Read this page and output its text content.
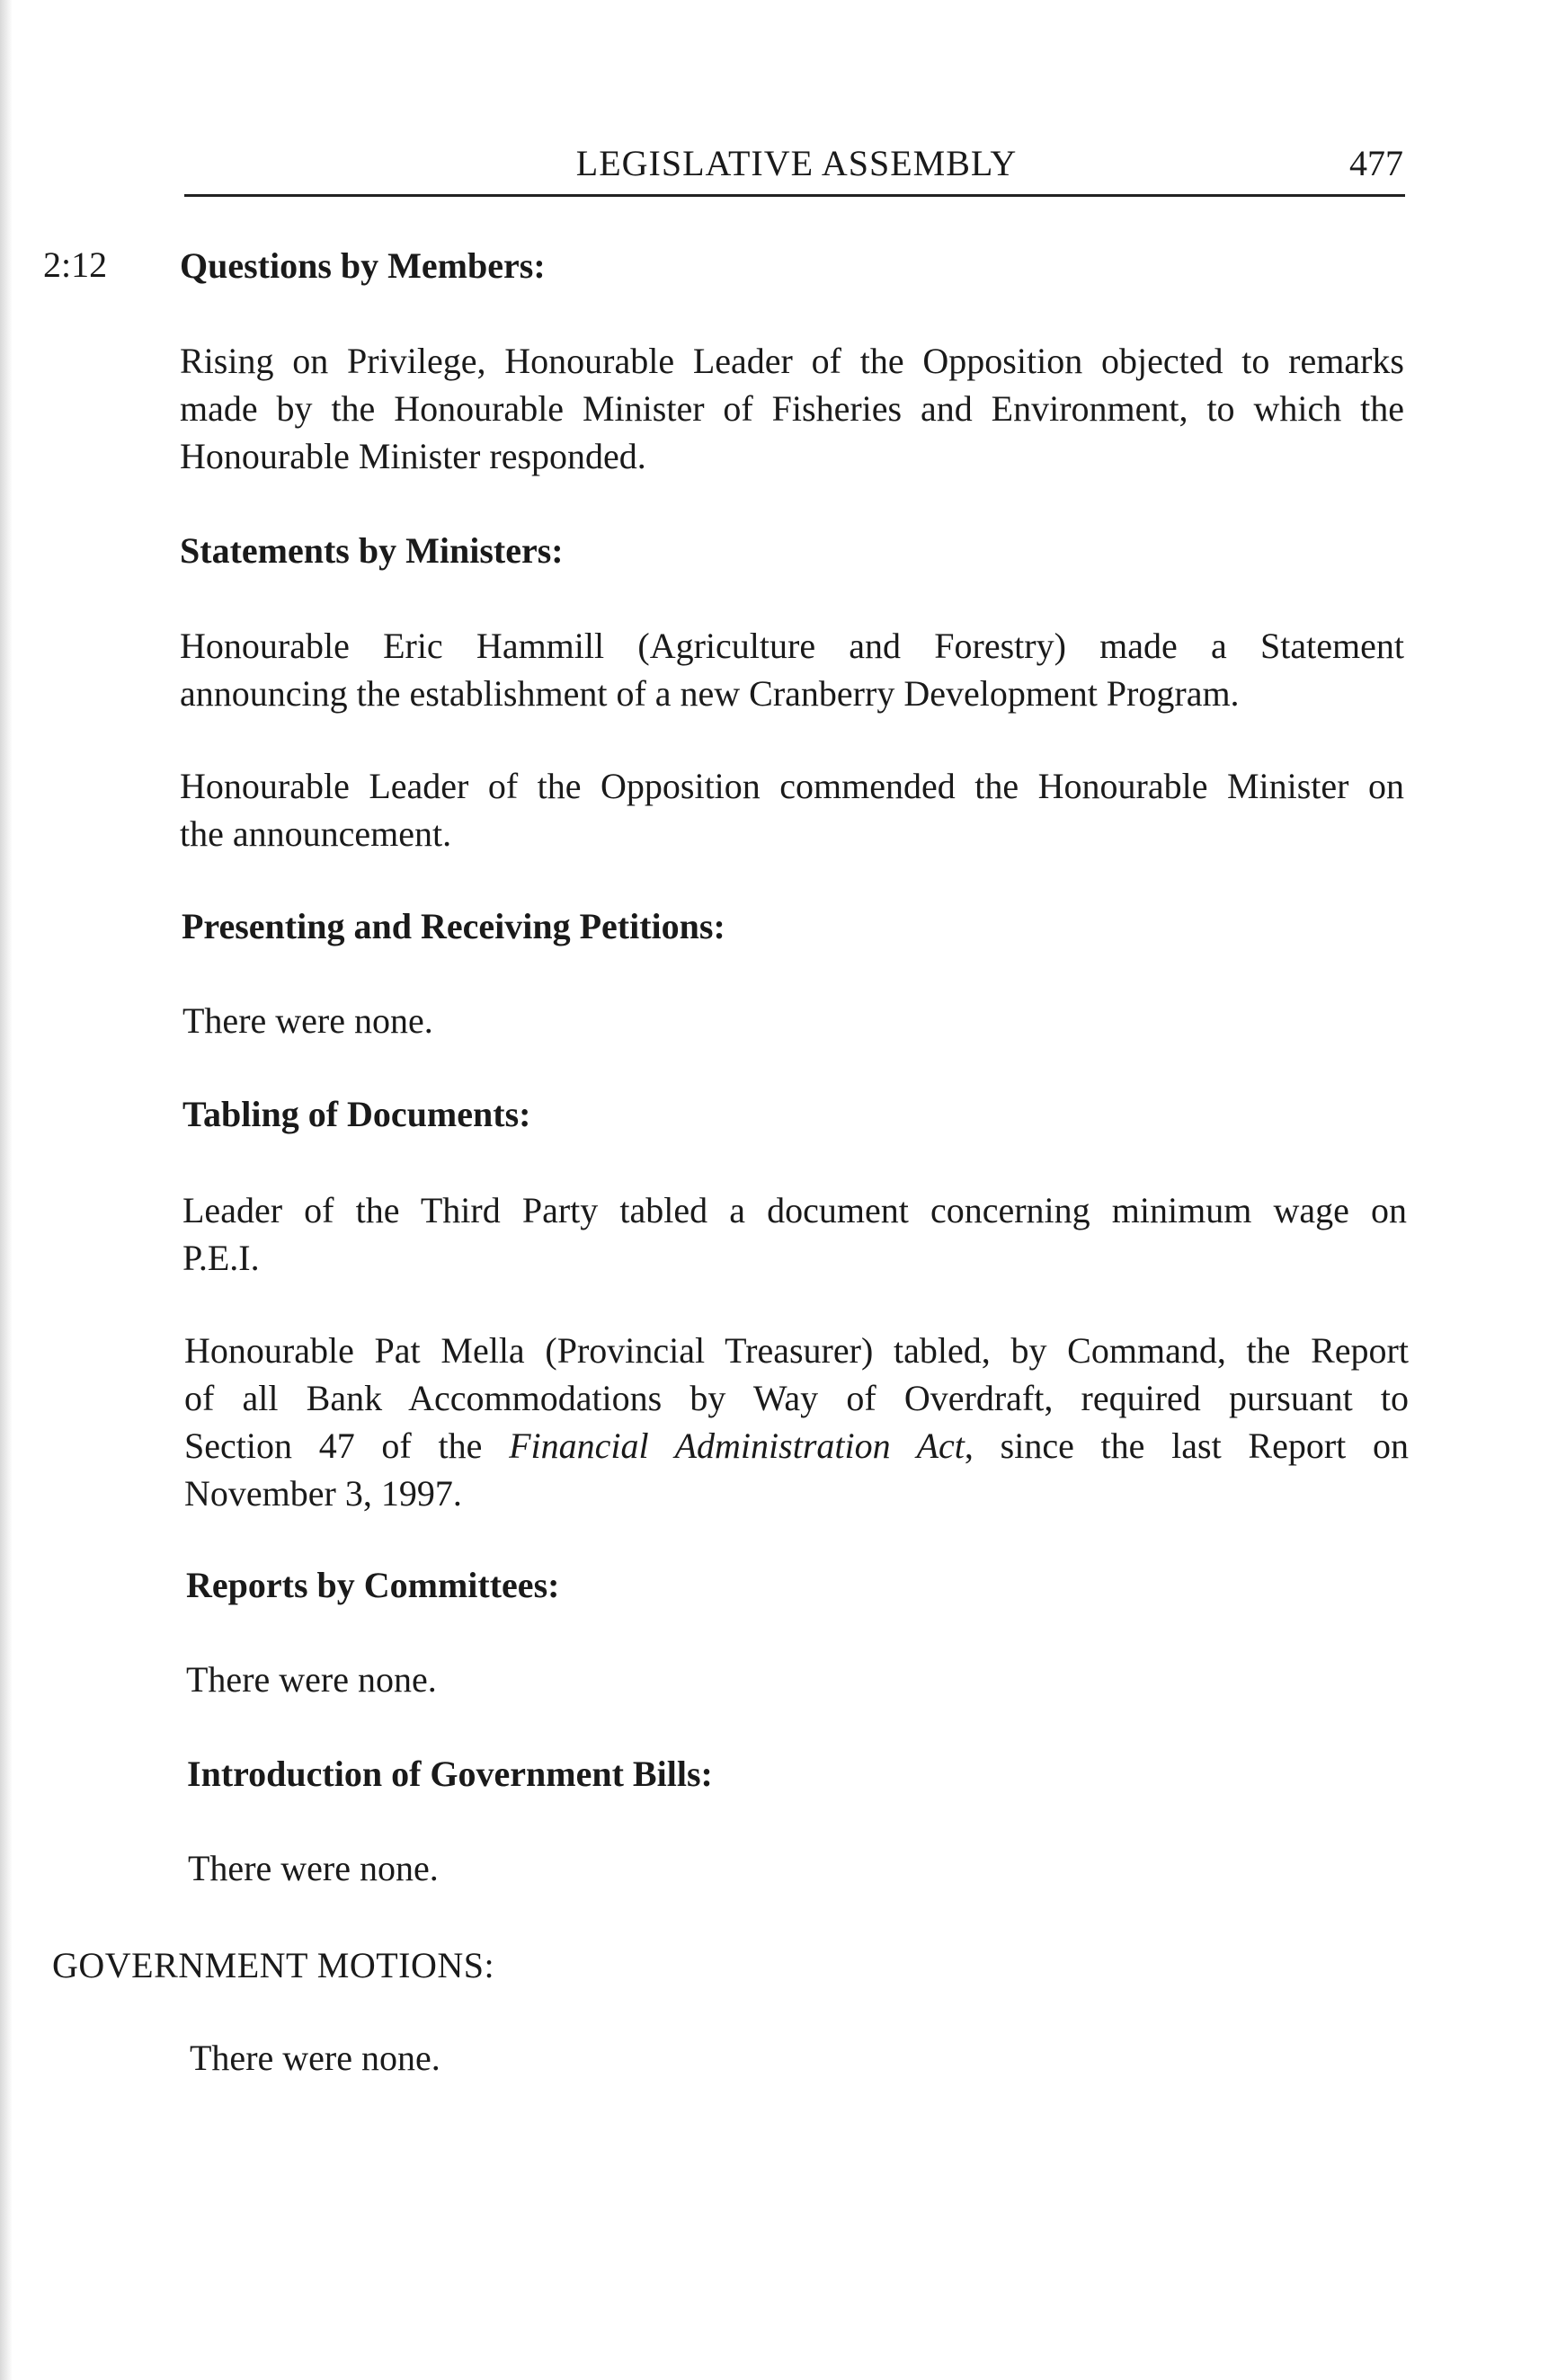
LEGISLATIVE ASSEMBLY	477
2:12 Questions by Members:
Rising on Privilege, Honourable Leader of the Opposition objected to remarks
made by the Honourable Minister of Fisheries and Environment, to which the
Honourable Minister responded.
Statements by Ministers:
Honourable Eric Hammill (Agriculture and Forestry) made a Statement
announcing the establishment of a new Cranberry Development Program.
Honourable Leader of the Opposition commended the Honourable Minister on
the announcement.
Presenting and Receiving Petitions:
There were none.
Tabling of Documents:
Leader of the Third Party tabled a document concerning minimum wage on
P.E.I.
Honourable Pat Mella (Provincial Treasurer) tabled, by Command, the Report
of all Bank Accommodations by Way of Overdraft, required pursuant to
Section 47 of the Financial Administration Act, since the last Report on
November 3, 1997.
Reports by Committees:
There were none.
Introduction of Government Bills:
There were none.
GOVERNMENT MOTIONS:
There were none.
